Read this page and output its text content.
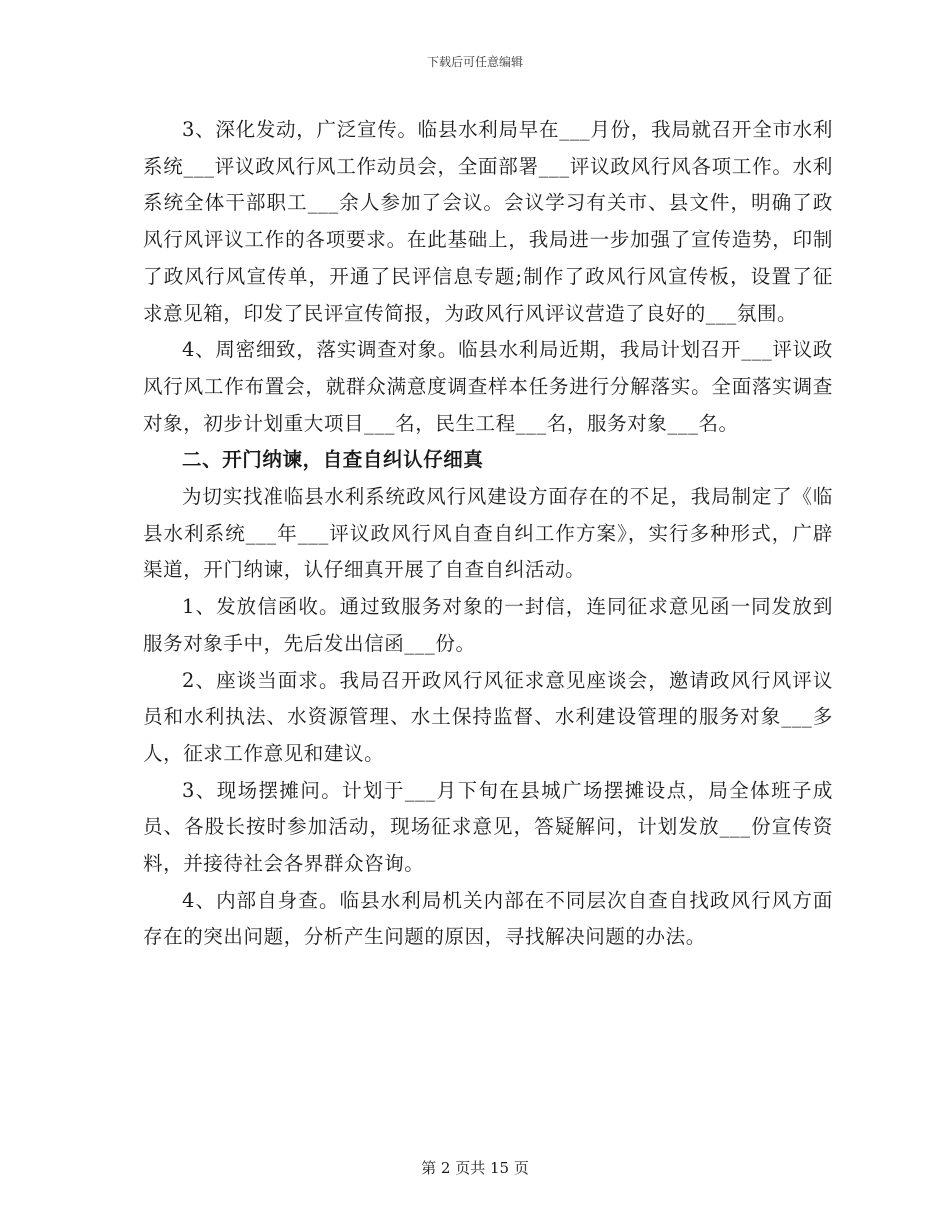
下载后可任意编辑

3、深化发动，广泛宣传。临县水利局早在___月份，我局就召开全市水利系统___评议政风行风工作动员会，全面部署___评议政风行风各项工作。水利系统全体干部职工___余人参加了会议。会议学习有关市、县文件，明确了政风行风评议工作的各项要求。在此基础上，我局进一步加强了宣传造势，印制了政风行风宣传单，开通了民评信息专题;制作了政风行风宣传板，设置了征求意见箱，印发了民评宣传简报，为政风行风评议营造了良好的___氛围。

4、周密细致，落实调查对象。临县水利局近期，我局计划召开___评议政风行风工作布置会，就群众满意度调查样本任务进行分解落实。全面落实调查对象，初步计划重大项目___名，民生工程___名，服务对象___名。

二、开门纳谏，自查自纠认仔细真

为切实找准临县水利系统政风行风建设方面存在的不足，我局制定了《临县水利系统___年___评议政风行风自查自纠工作方案》，实行多种形式，广辟渠道，开门纳谏，认仔细真开展了自查自纠活动。

1、发放信函收。通过致服务对象的一封信，连同征求意见函一同发放到服务对象手中，先后发出信函___份。

2、座谈当面求。我局召开政风行风征求意见座谈会，邀请政风行风评议员和水利执法、水资源管理、水土保持监督、水利建设管理的服务对象___多人，征求工作意见和建议。

3、现场摆摊问。计划于___月下旬在县城广场摆摊设点，局全体班子成员、各股长按时参加活动，现场征求意见，答疑解问，计划发放___份宣传资料，并接待社会各界群众咨询。

4、内部自身查。临县水利局机关内部在不同层次自查自找政风行风方面存在的突出问题，分析产生问题的原因，寻找解决问题的办法。

第 2 页共 15 页
